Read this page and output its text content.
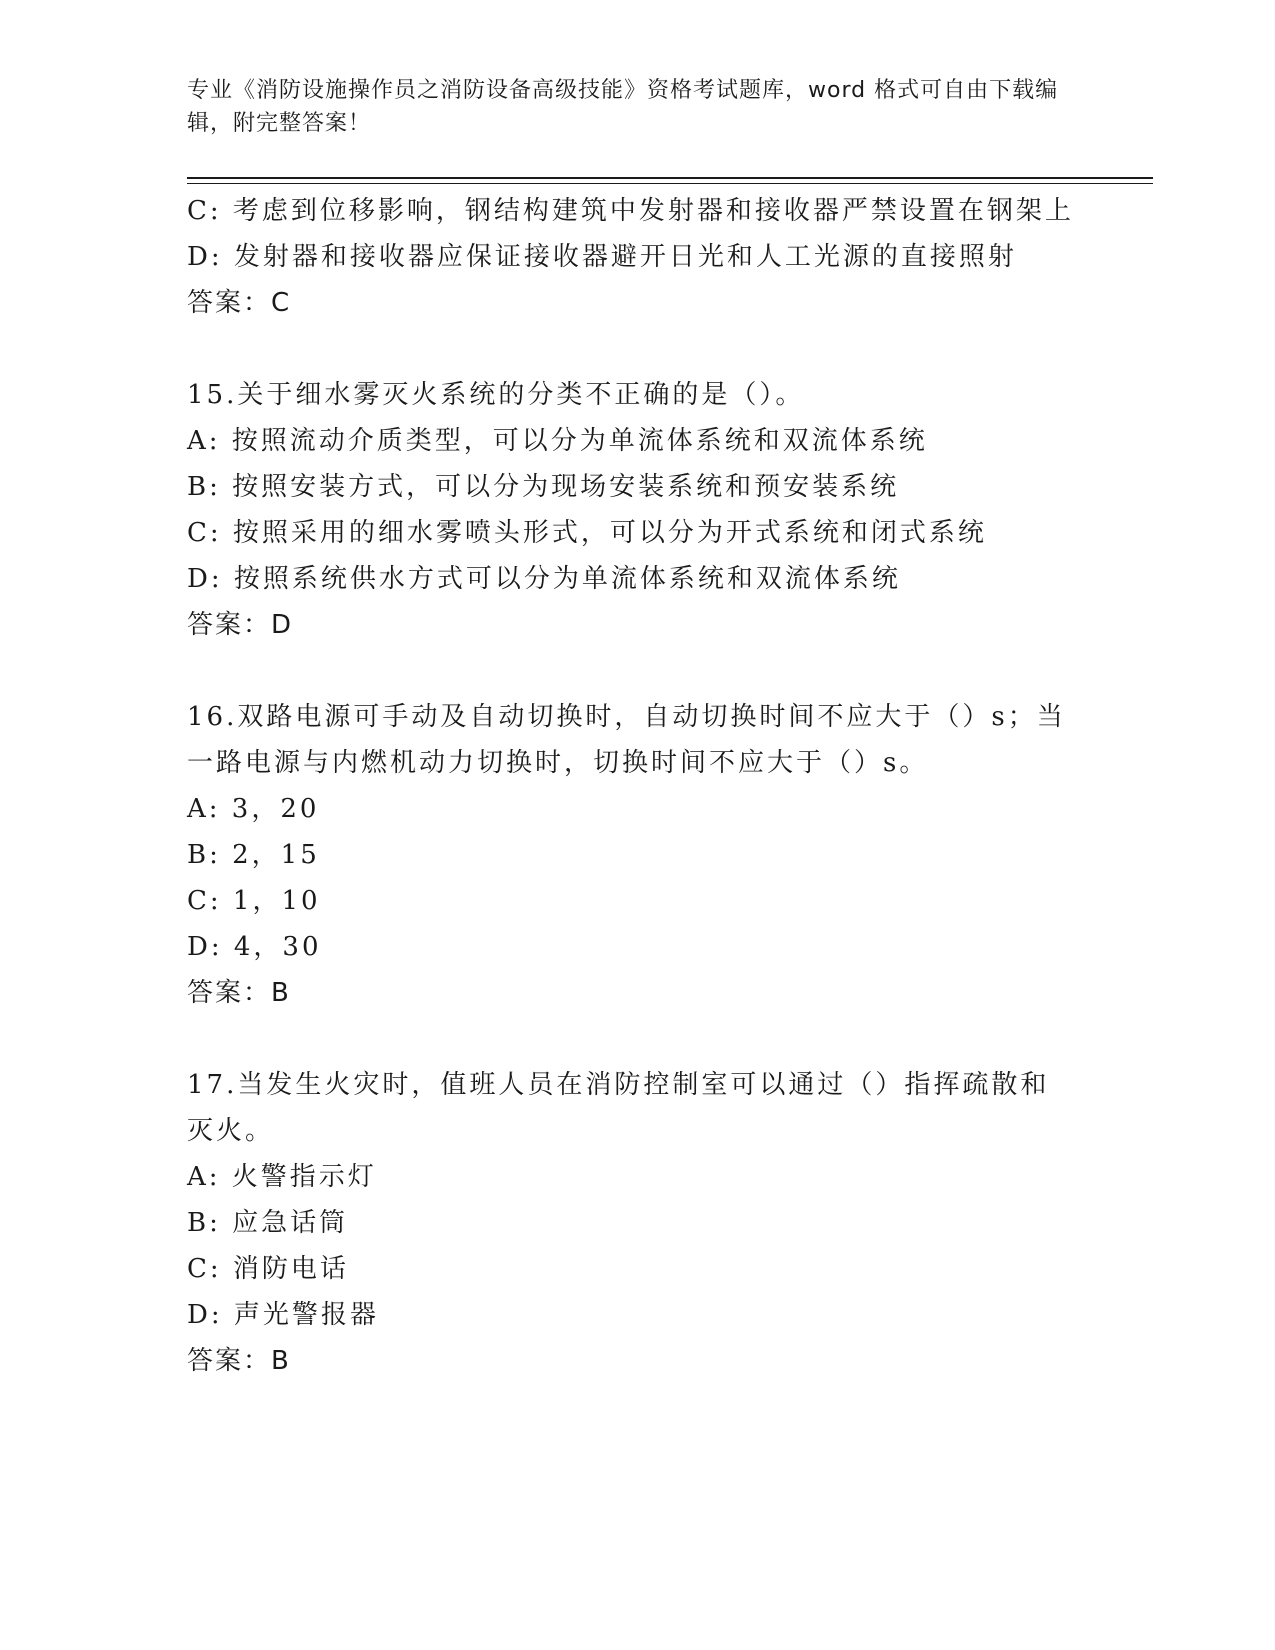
专业《消防设施操作员之消防设备高级技能》资格考试题库，word 格式可自由下载编辑，附完整答案！
C: 考虑到位移影响，钢结构建筑中发射器和接收器严禁设置在钢架上
D: 发射器和接收器应保证接收器避开日光和人工光源的直接照射
答案：C
15.关于细水雾灭火系统的分类不正确的是（）。
A: 按照流动介质类型，可以分为单流体系统和双流体系统
B: 按照安装方式，可以分为现场安装系统和预安装系统
C: 按照采用的细水雾喷头形式，可以分为开式系统和闭式系统
D: 按照系统供水方式可以分为单流体系统和双流体系统
答案：D
16.双路电源可手动及自动切换时，自动切换时间不应大于（）s；当一路电源与内燃机动力切换时，切换时间不应大于（）s。
A: 3，20
B: 2，15
C: 1，10
D: 4，30
答案：B
17.当发生火灾时，值班人员在消防控制室可以通过（）指挥疏散和灭火。
A: 火警指示灯
B: 应急话筒
C: 消防电话
D: 声光警报器
答案：B
